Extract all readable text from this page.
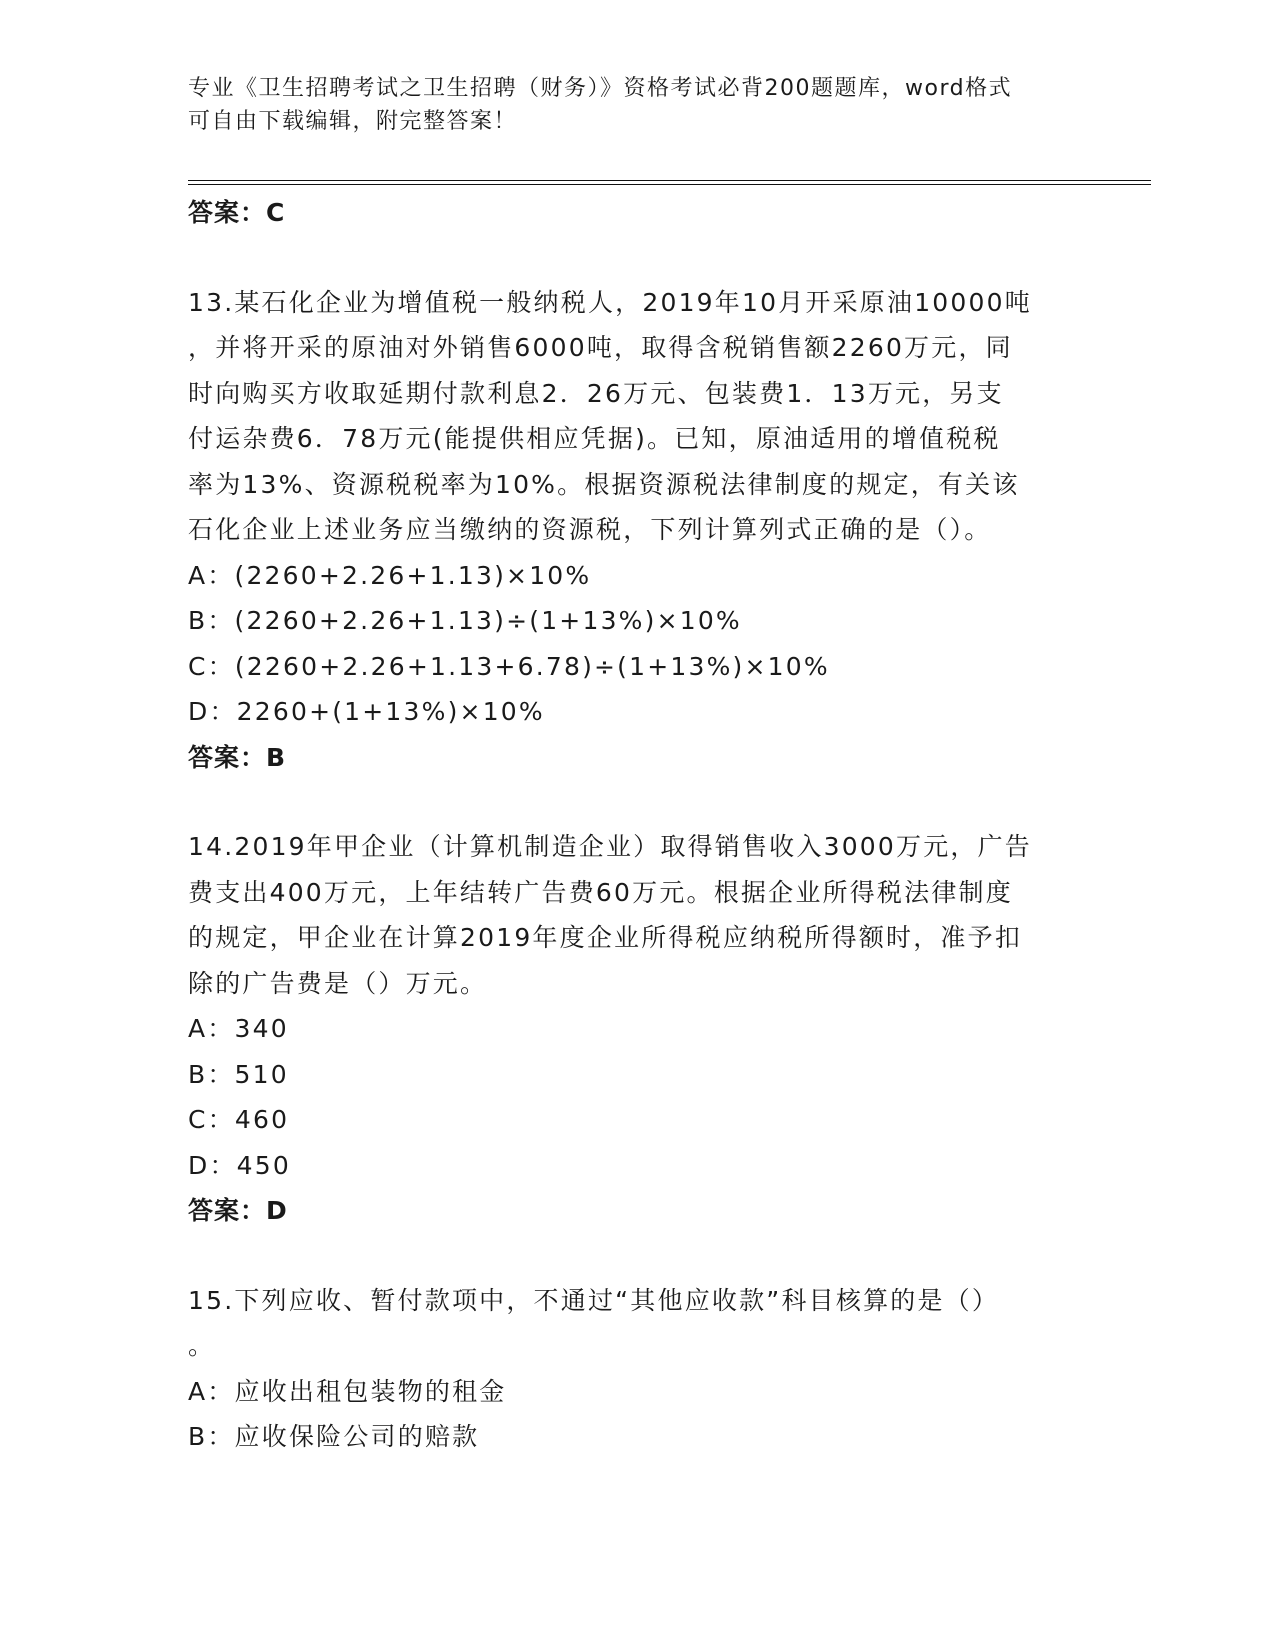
专业《卫生招聘考试之卫生招聘（财务）》资格考试必背200题题库，word格式
可自由下载编辑，附完整答案！
答案：C
13.某石化企业为增值税一般纳税人，2019年10月开采原油10000吨
，并将开采的原油对外销售6000吨，取得含税销售额2260万元，同
时向购买方收取延期付款利息2．26万元、包装费1．13万元，另支
付运杂费6．78万元(能提供相应凭据)。已知，原油适用的增值税税
率为13%、资源税税率为10%。根据资源税法律制度的规定，有关该
石化企业上述业务应当缴纳的资源税，下列计算列式正确的是（）。
A：(2260+2.26+1.13)×10%
B：(2260+2.26+1.13)÷(1+13%)×10%
C：(2260+2.26+1.13+6.78)÷(1+13%)×10%
D：2260+(1+13%)×10%
答案：B
14.2019年甲企业（计算机制造企业）取得销售收入3000万元，广告
费支出400万元，上年结转广告费60万元。根据企业所得税法律制度
的规定，甲企业在计算2019年度企业所得税应纳税所得额时，准予扣
除的广告费是（）万元。
A：340
B：510
C：460
D：450
答案：D
15.下列应收、暂付款项中，不通过“其他应收款”科目核算的是（）
。
A：应收出租包装物的租金
B：应收保险公司的赔款
